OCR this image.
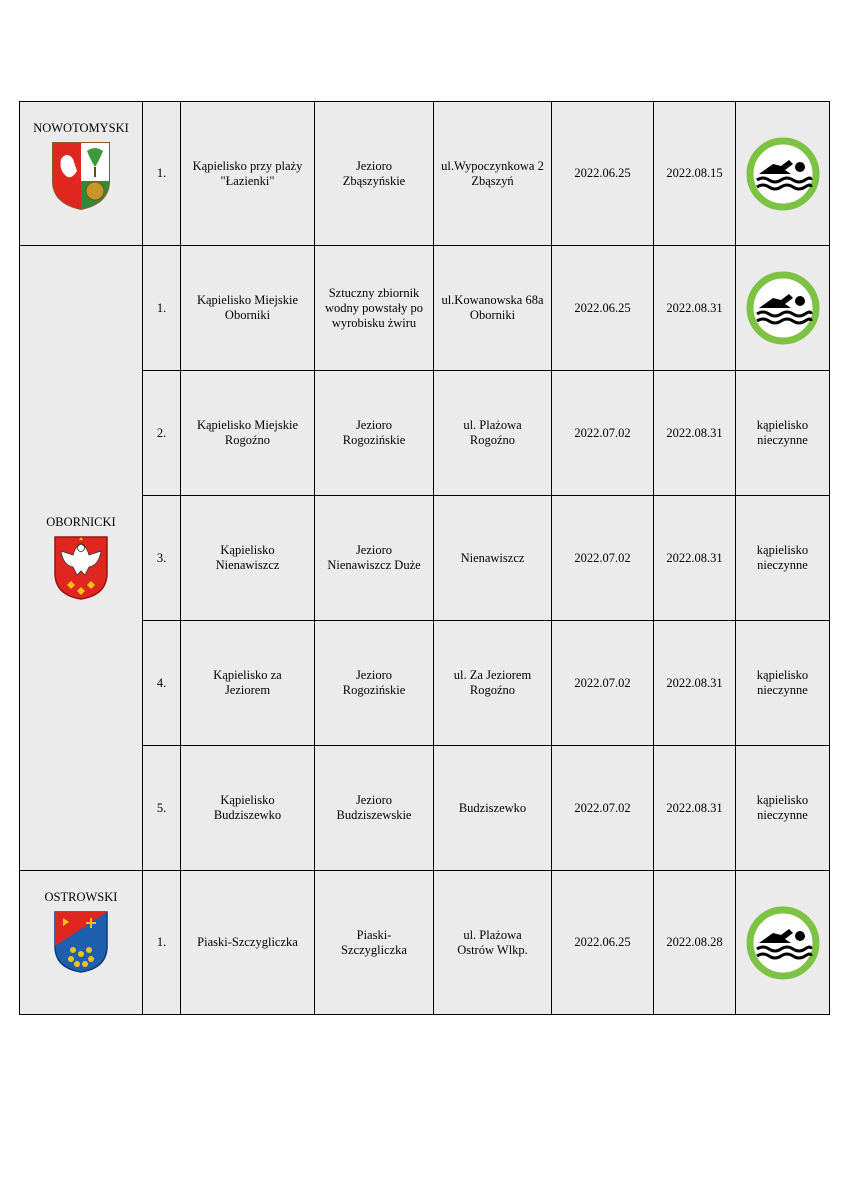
NOWOTOMYSKI	1.	Kąpielisko przy plaży
"Łazienki"	Jezioro
Zbąszyńskie	ul.Wypoczynkowa 2
Zbąszyń	2022.06.25	2022.08.15	

OBORNICKI	1.	Kąpielisko Miejskie
Oborniki	Sztuczny zbiornik
wodny powstały po
wyrobisku żwiru	ul.Kowanowska 68a
Oborniki	2022.06.25	2022.08.31	

	2.	Kąpielisko Miejskie
Rogoźno	Jezioro
Rogozińskie	ul. Plażowa
Rogoźno	2022.07.02	2022.08.31	kąpielisko
nieczynne
	3.	Kąpielisko
Nienawiszcz	Jezioro
Nienawiszcz Duże	Nienawiszcz	2022.07.02	2022.08.31	kąpielisko
nieczynne
	4.	Kąpielisko za
Jeziorem	Jezioro
Rogozińskie	ul. Za Jeziorem
Rogoźno	2022.07.02	2022.08.31	kąpielisko
nieczynne
	5.	Kąpielisko
Budziszewko	Jezioro
Budziszewskie	Budziszewko	2022.07.02	2022.08.31	kąpielisko
nieczynne

OSTROWSKI	1.	Piaski-Szczygliczka	Piaski-
Szczygliczka	ul. Plażowa
Ostrów Wlkp.	2022.06.25	2022.08.28	
